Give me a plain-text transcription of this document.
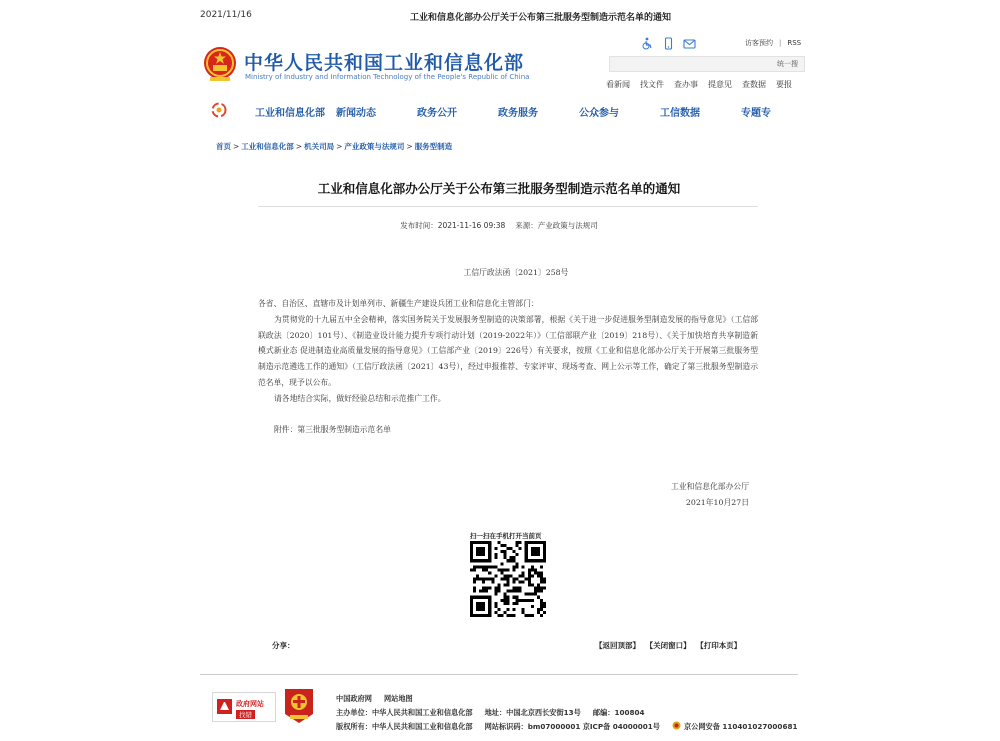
2021/11/16	工业和信息化部办公厅关于公布第三批服务型制造示范名单的通知
中华人民共和国工业和信息化部
Ministry of Industry and Information Technology of the People's Republic of China
访客预约 | RSS
统一搜
看新闻 找文件 查办事 提意见 查数据 要报
工业和信息化部	新闻动态	政务公开	政务服务	公众参与	工信数据	专题专
首页 > 工业和信息化部 > 机关司局 > 产业政策与法规司 > 服务型制造
工业和信息化部办公厅关于公布第三批服务型制造示范名单的通知
发布时间：2021-11-16 09:38 来源：产业政策与法规司
工信厅政法函〔2021〕258号

各省、自治区、直辖市及计划单列市、新疆生产建设兵团工业和信息化主管部门：

为贯彻党的十九届五中全会精神，落实国务院关于发展服务型制造的决策部署，根据《关于进一步促进服务型制造发展的指导意见》（工信部联政法〔2020〕101号）、《制造业设计能力提升专项行动计划（2019-2022年）》（工信部联产业〔2019〕218号）、《关于加快培育共享制造新模式新业态 促进制造业高质量发展的指导意见》（工信部产业〔2019〕226号）有关要求，按照《工业和信息化部办公厅关于开展第三批服务型制造示范遴选工作的通知》（工信厅政法函〔2021〕43号），经过申报推荐、专家评审、现场考查、网上公示等工作，确定了第三批服务型制造示范名单，现予以公布。

请各地结合实际，做好经验总结和示范推广工作。

附件：第三批服务型制造示范名单

工业和信息化部办公厅
2021年10月27日
扫一扫在手机打开当前页
分享：	【返回顶部】 【关闭窗口】 【打印本页】
政府网站
找错
中国政府网 网站地图
主办单位：中华人民共和国工业和信息化部 地址：中国北京西长安街13号 邮编：100804
版权所有：中华人民共和国工业和信息化部 网站标识码：bm07000001 京ICP备 04000001号	京公网安备 110401027000681
